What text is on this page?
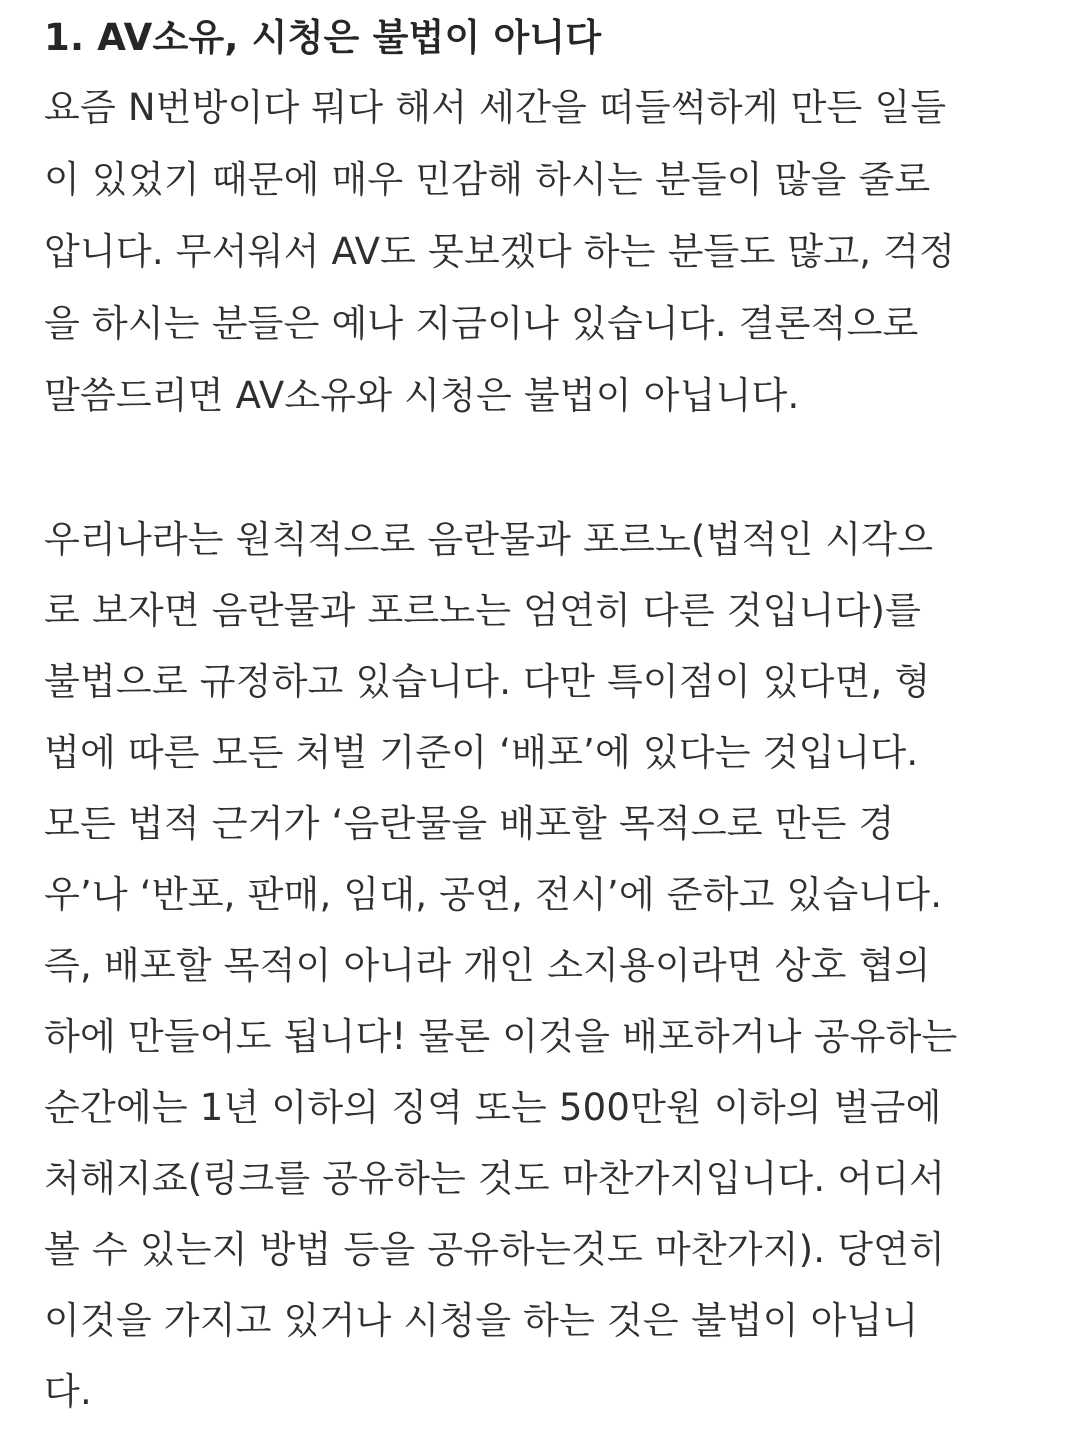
1. AV소유, 시청은 불법이 아니다
요즘 N번방이다 뭐다 해서 세간을 떠들썩하게 만든 일들
이 있었기 때문에 매우 민감해 하시는 분들이 많을 줄로
압니다. 무서워서 AV도 못보겠다 하는 분들도 많고, 걱정
을 하시는 분들은 예나 지금이나 있습니다. 결론적으로
말씀드리면 AV소유와 시청은 불법이 아닙니다.
우리나라는 원칙적으로 음란물과 포르노(법적인 시각으
로 보자면 음란물과 포르노는 엄연히 다른 것입니다)를
불법으로 규정하고 있습니다. 다만 특이점이 있다면, 형
법에 따른 모든 처벌 기준이 ‘배포’에 있다는 것입니다.
모든 법적 근거가 ‘음란물을 배포할 목적으로 만든 경
우’나 ‘반포, 판매, 임대, 공연, 전시’에 준하고 있습니다.
즉, 배포할 목적이 아니라 개인 소지용이라면 상호 협의
하에 만들어도 됩니다! 물론 이것을 배포하거나 공유하는
순간에는 1년 이하의 징역 또는 500만원 이하의 벌금에
처해지죠(링크를 공유하는 것도 마찬가지입니다. 어디서
볼 수 있는지 방법 등을 공유하는것도 마찬가지). 당연히
이것을 가지고 있거나 시청을 하는 것은 불법이 아닙니
다.
